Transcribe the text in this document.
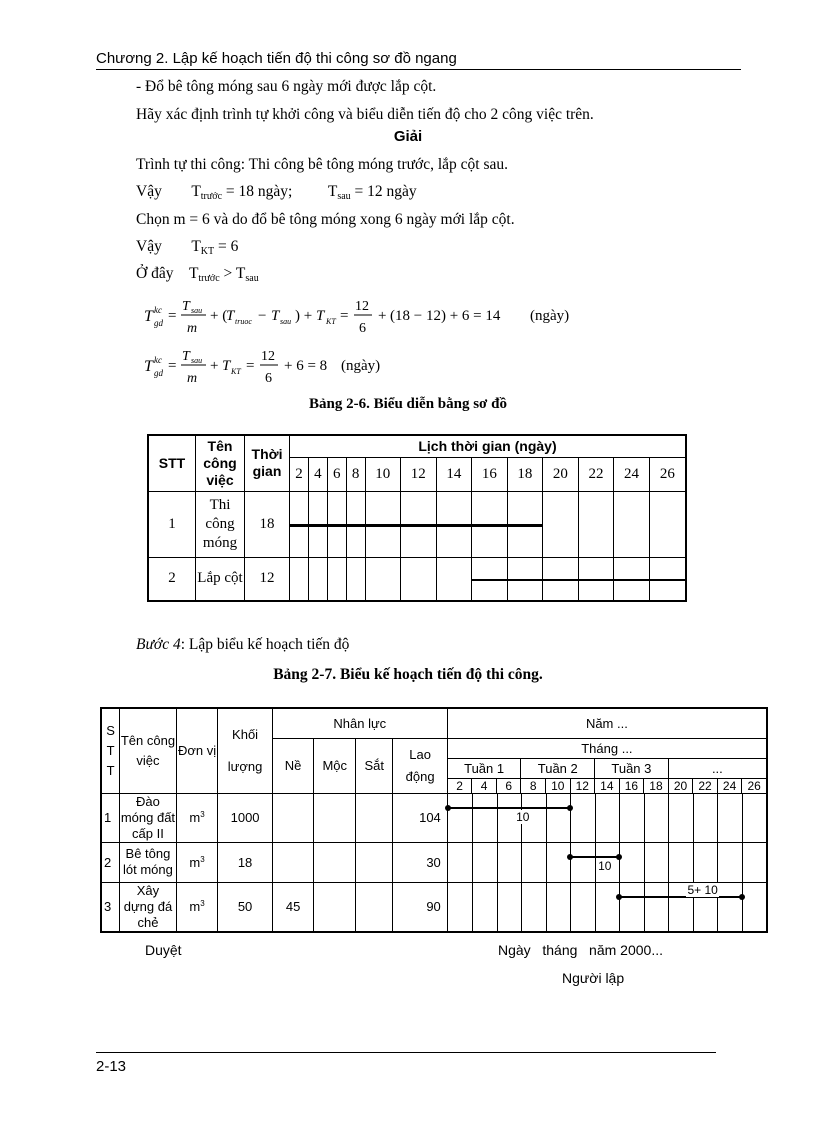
Chương 2. Lập kế hoạch tiến độ thi công sơ đồ ngang
- Đổ bê tông móng sau 6 ngày mới được lắp cột.
Hãy xác định trình tự khởi công và biểu diễn tiến độ cho 2 công việc trên.
Giải
Trình tự thi công: Thi công bê tông móng trước, lắp cột sau.
Vậy $T_{trước} = 18$ ngày; $T_{sau} = 12$ ngày
Chọn m = 6 và do đổ bê tông móng xong 6 ngày mới lắp cột.
Vậy $T_{KT} = 6$
Ở đây $T_{trước} > T_{sau}$
T kc
gd =
T sau
m
+ (
T truoc − T sau ) + T KT =
12
6
+ (18 − 12) + 6 = 14 (ngày)
T kc
gd =
T sau
m
+ T KT =
12
6
+ 6 = 8 (ngày)
Bảng 2-6. Biểu diễn bằng sơ đồ
STT	Tên công việc	Thời gian	Lịch thời gian (ngày)												
			2	4	6	8	10	12	14	16	18	20	22	24	26
1	Thi công móng	18	

2	Lắp cột	12								

Bước 4: Lập biểu kế hoạch tiến độ
Bảng 2-7. Biểu kế hoạch tiến độ thi công.
S T T	Tên công việc	Đơn vị	Khối lượng	Nhân lực				Năm ...												
				Nề	Mộc	Sắt	Lao động	Tháng ...												
								Tuần 1			Tuần 2			Tuần 3			...			
								2	4	6	8	10	12	14	16	18	20	22	24	26
1	Đào móng đất cấp II	$m^3$	1000				104	10												

2	Bê tông lót móng	$m^3$	18				30	10												

3	Xây dựng đá chẻ	$m^3$	50	45			90	5+ 10												
Duyệt	Ngày   tháng   năm 2000...
Người lập
2-13
